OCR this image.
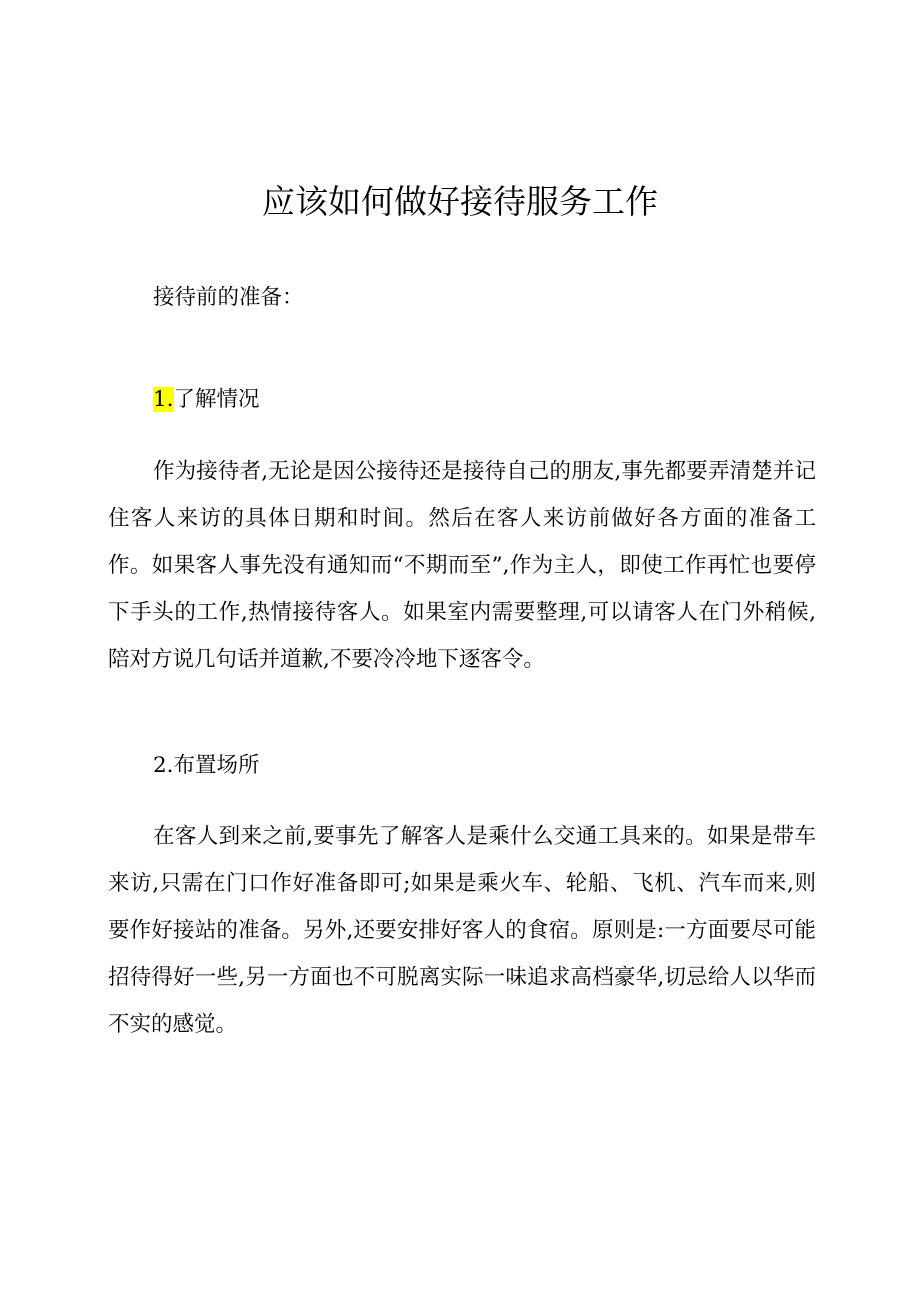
应该如何做好接待服务工作
接待前的准备：
1.了解情况
作为接待者,无论是因公接待还是接待自己的朋友,事先都要弄清楚并记住客人来访的具体日期和时间。然后在客人来访前做好各方面的准备工作。如果客人事先没有通知而“不期而至”,作为主人，即使工作再忙也要停下手头的工作,热情接待客人。如果室内需要整理,可以请客人在门外稍候,陪对方说几句话并道歉,不要冷冷地下逐客令。
2.布置场所
在客人到来之前,要事先了解客人是乘什么交通工具来的。如果是带车来访,只需在门口作好准备即可;如果是乘火车、轮船、飞机、汽车而来,则要作好接站的准备。另外,还要安排好客人的食宿。原则是:一方面要尽可能招待得好一些,另一方面也不可脱离实际一味追求高档豪华,切忌给人以华而不实的感觉。
